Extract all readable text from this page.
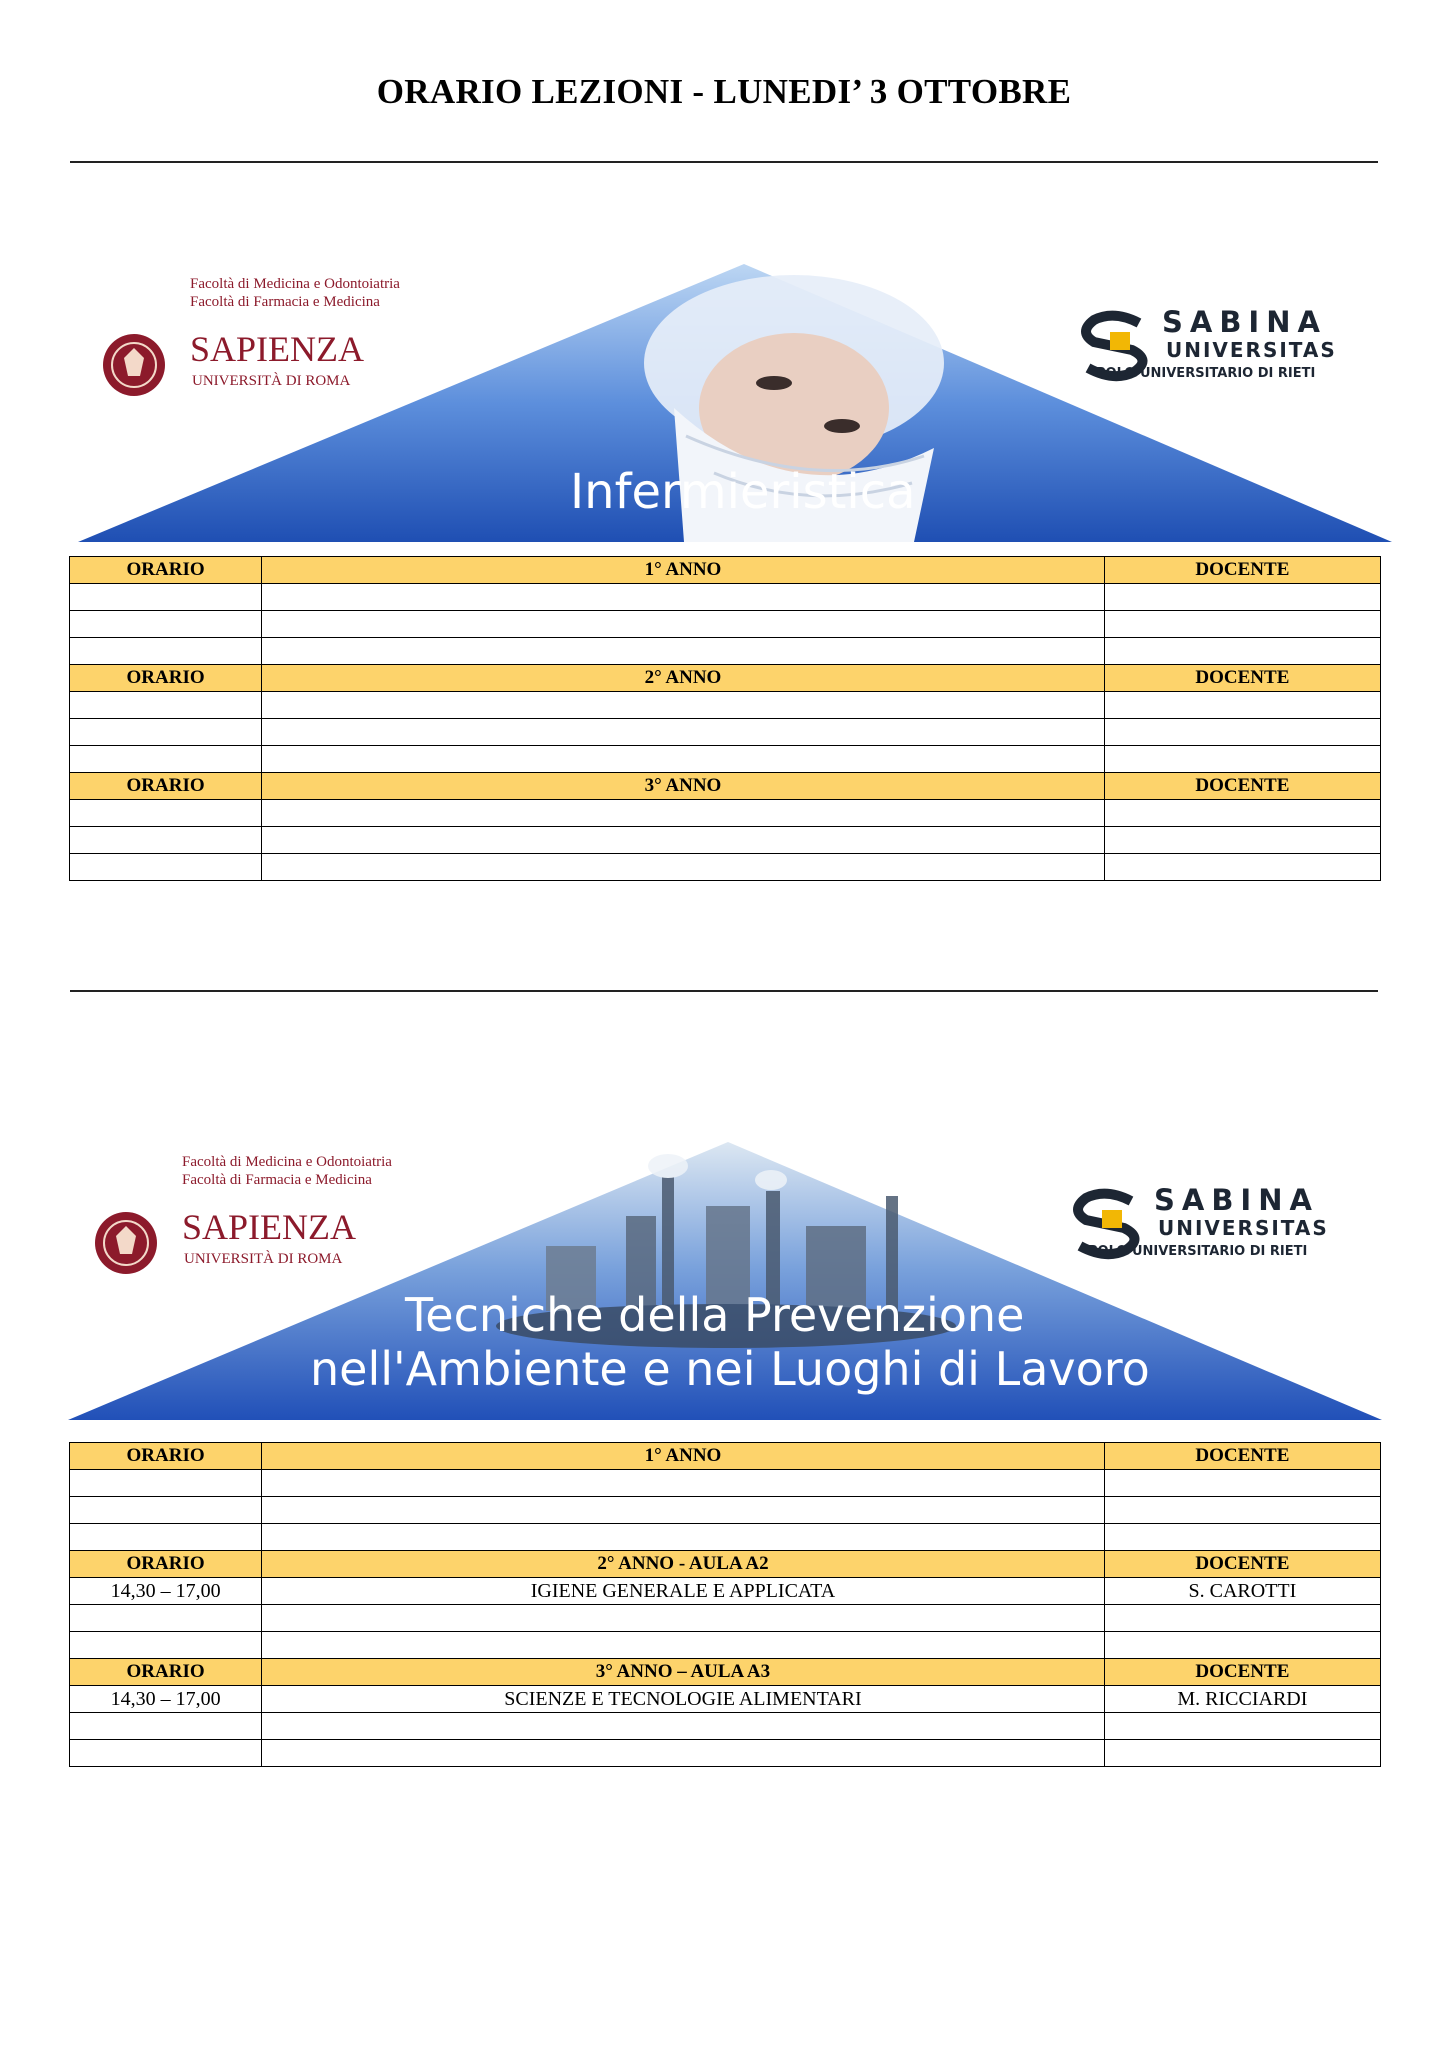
ORARIO LEZIONI - LUNEDI’ 3 OTTOBRE
Infermieristica
Facoltà di Medicina e Odontoiatria
Facoltà di Farmacia e Medicina
SAPIENZA
UNIVERSITÀ DI ROMA
SABINA
UNIVERSITAS
POLO UNIVERSITARIO DI RIETI
ORARIO	1° ANNO	DOCENTE

ORARIO	2° ANNO	DOCENTE

ORARIO	3° ANNO	DOCENTE

Tecniche della Prevenzione
nell'Ambiente e nei Luoghi di Lavoro
Facoltà di Medicina e Odontoiatria
Facoltà di Farmacia e Medicina
SAPIENZA
UNIVERSITÀ DI ROMA
SABINA
UNIVERSITAS
POLO UNIVERSITARIO DI RIETI
ORARIO	1° ANNO	DOCENTE

ORARIO	2° ANNO - AULA A2	DOCENTE
14,30 – 17,00	IGIENE GENERALE E APPLICATA	S. CAROTTI

ORARIO	3° ANNO – AULA A3	DOCENTE
14,30 – 17,00	SCIENZE E TECNOLOGIE ALIMENTARI	M. RICCIARDI
